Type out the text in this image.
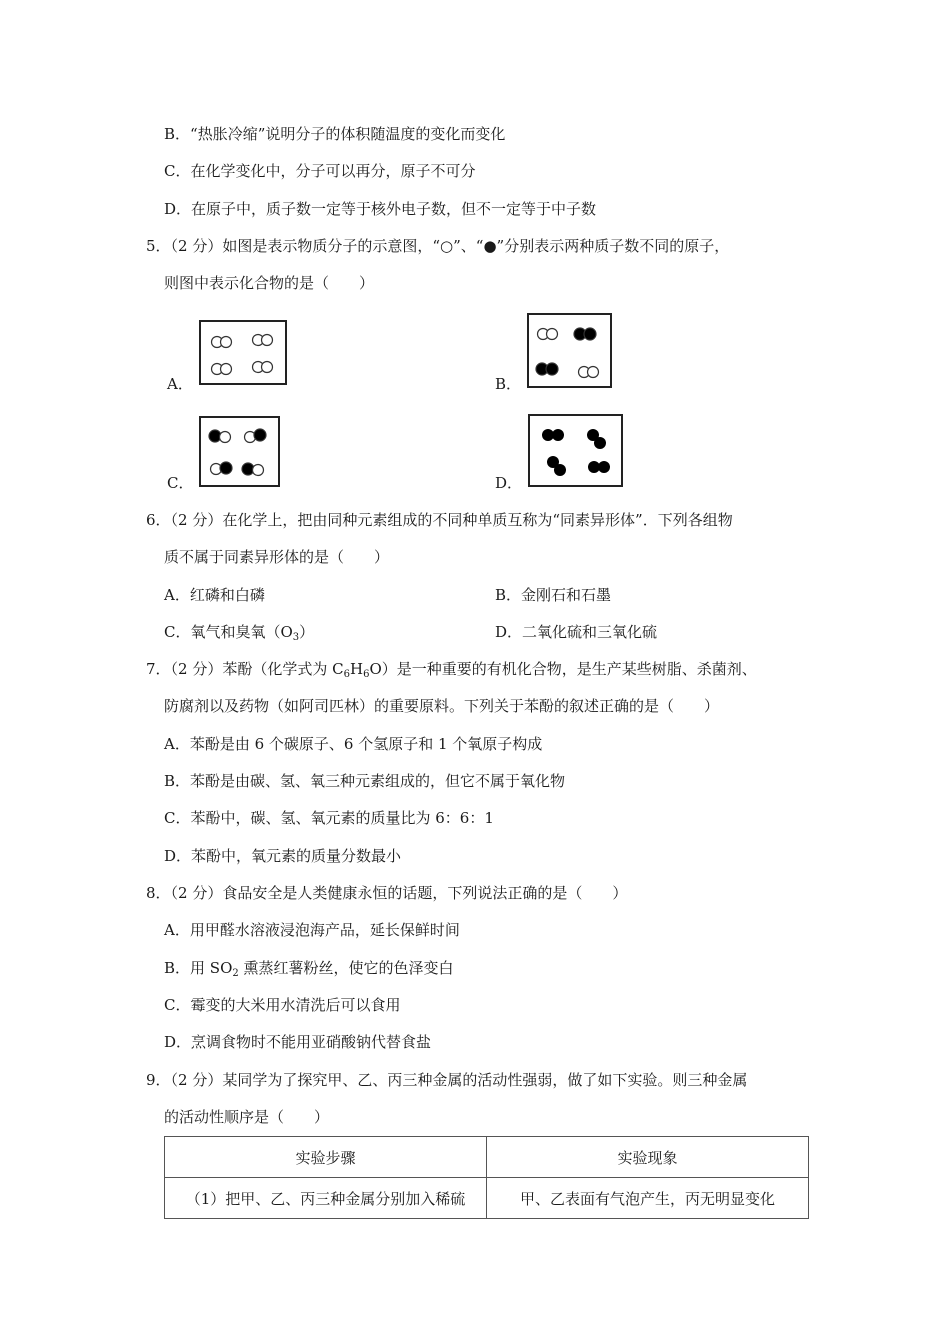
B．“热胀冷缩”说明分子的体积随温度的变化而变化
C．在化学变化中，分子可以再分，原子不可分
D．在原子中，质子数一定等于核外电子数，但不一定等于中子数
5．（2 分）如图是表示物质分子的示意图，“○”、“●”分别表示两种质子数不同的原子，
则图中表示化合物的是（　　）
A．	B．
C．	D．
6．（2 分）在化学上，把由同种元素组成的不同种单质互称为“同素异形体”．下列各组物
质不属于同素异形体的是（　　）
A．红磷和白磷	B．金刚石和石墨
C．氧气和臭氧$(O_3)$	D．二氧化硫和三氧化硫
7．（2 分）苯酚（化学式为 $C_6H_6O$）是一种重要的有机化合物，是生产某些树脂、杀菌剂、
防腐剂以及药物（如阿司匹林）的重要原料。下列关于苯酚的叙述正确的是（　　）
A．苯酚是由 6 个碳原子、6 个氢原子和 1 个氧原子构成
B．苯酚是由碳、氢、氧三种元素组成的，但它不属于氧化物
C．苯酚中，碳、氢、氧元素的质量比为 6：6：1
D．苯酚中，氧元素的质量分数最小
8．（2 分）食品安全是人类健康永恒的话题，下列说法正确的是（　　）
A．用甲醛水溶液浸泡海产品，延长保鲜时间
B．用 $SO_2$ 熏蒸红薯粉丝，使它的色泽变白
C．霉变的大米用水清洗后可以食用
D．烹调食物时不能用亚硝酸钠代替食盐
9．（2 分）某同学为了探究甲、乙、丙三种金属的活动性强弱，做了如下实验。则三种金属
的活动性顺序是（　　）
实验步骤	实验现象
（1）把甲、乙、丙三种金属分别加入稀硫	甲、乙表面有气泡产生，丙无明显变化
